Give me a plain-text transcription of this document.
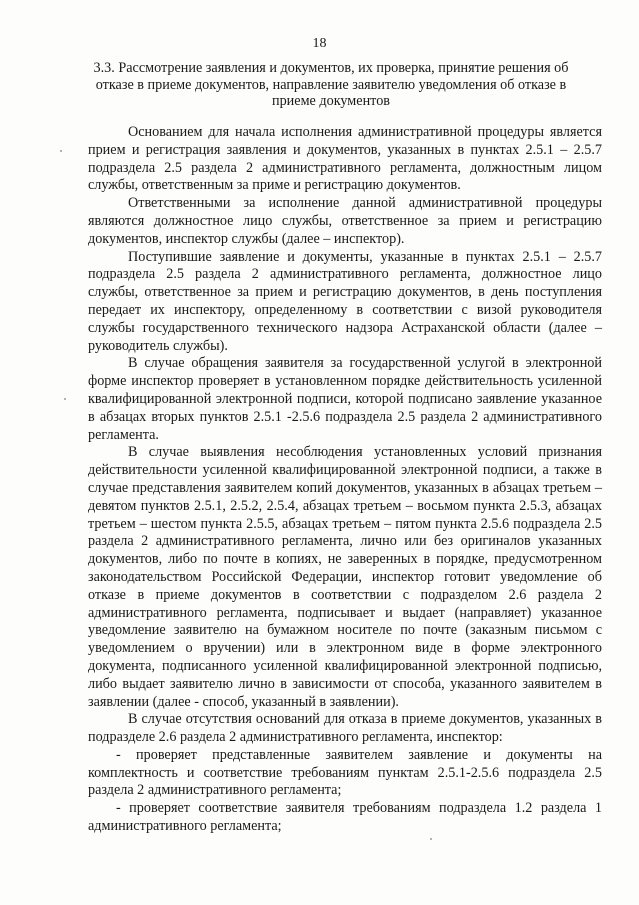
18
3.3. Рассмотрение заявления и документов, их проверка, принятие решения об отказе в приеме документов, направление заявителю уведомления об отказе в приеме документов

Основанием для начала исполнения административной процедуры является прием и регистрация заявления и документов, указанных в пунктах 2.5.1 – 2.5.7 подраздела 2.5 раздела 2 административного регламента, должностным лицом службы, ответственным за приме и регистрацию документов.

Ответственными за исполнение данной административной процедуры являются должностное лицо службы, ответственное за прием и регистрацию документов, инспектор службы (далее – инспектор).

Поступившие заявление и документы, указанные в пунктах 2.5.1 – 2.5.7 подраздела 2.5 раздела 2 административного регламента, должностное лицо службы, ответственное за прием и регистрацию документов, в день поступления передает их инспектору, определенному в соответствии с визой руководителя службы государственного технического надзора Астраханской области (далее – руководитель службы).

В случае обращения заявителя за государственной услугой в электронной форме инспектор проверяет в установленном порядке действительность усиленной квалифицированной электронной подписи, которой подписано заявление указанное в абзацах вторых пунктов 2.5.1 -2.5.6 подраздела 2.5 раздела 2 административного регламента.

В случае выявления несоблюдения установленных условий признания действительности усиленной квалифицированной электронной подписи, а также в случае представления заявителем копий документов, указанных в абзацах третьем – девятом пунктов 2.5.1, 2.5.2, 2.5.4, абзацах третьем – восьмом пункта 2.5.3, абзацах третьем – шестом пункта 2.5.5, абзацах третьем – пятом пункта 2.5.6 подраздела 2.5 раздела 2 административного регламента, лично или без оригиналов указанных документов, либо по почте в копиях, не заверенных в порядке, предусмотренном законодательством Российской Федерации, инспектор готовит уведомление об отказе в приеме документов в соответствии с подразделом 2.6 раздела 2 административного регламента, подписывает и выдает (направляет) указанное уведомление заявителю на бумажном носителе по почте (заказным письмом с уведомлением о вручении) или в электронном виде в форме электронного документа, подписанного усиленной квалифицированной электронной подписью, либо выдает заявителю лично в зависимости от способа, указанного заявителем в заявлении (далее - способ, указанный в заявлении).

В случае отсутствия оснований для отказа в приеме документов, указанных в подразделе 2.6 раздела 2 административного регламента, инспектор:

- проверяет представленные заявителем заявление и документы на комплектность и соответствие требованиям пунктам 2.5.1-2.5.6 подраздела 2.5 раздела 2 административного регламента;

- проверяет соответствие заявителя требованиям подраздела 1.2 раздела 1 административного регламента;
